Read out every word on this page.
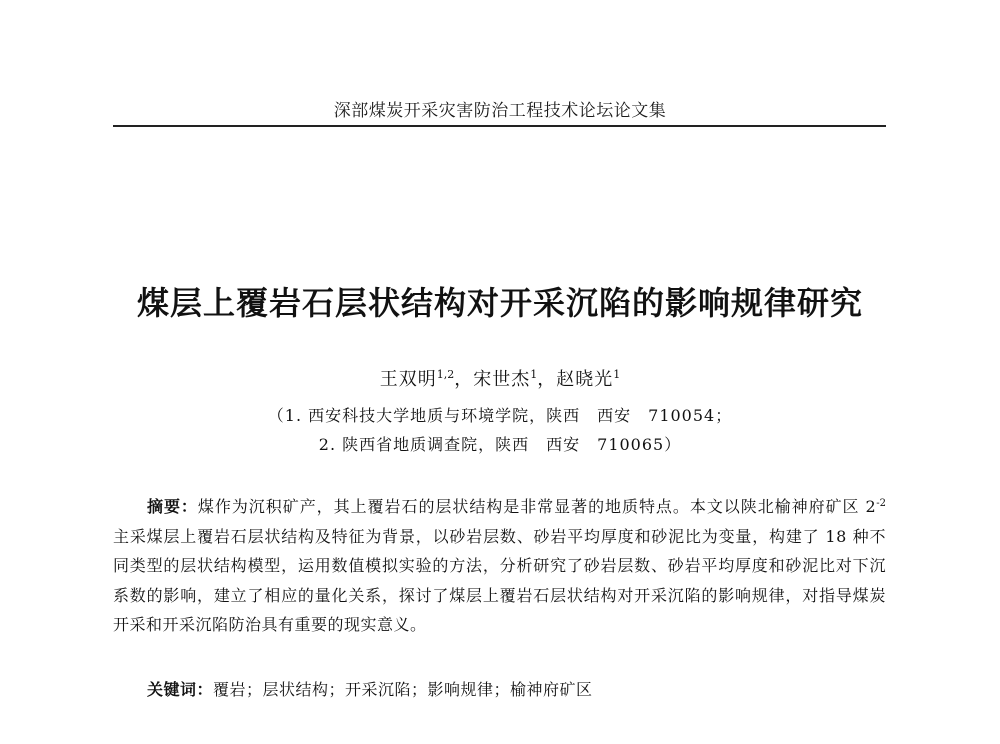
深部煤炭开采灾害防治工程技术论坛论文集
煤层上覆岩石层状结构对开采沉陷的影响规律研究
王双明$^{1,2}$，宋世杰$^1$，赵晓光$^1$
（1. 西安科技大学地质与环境学院，陕西　西安　710054；
2. 陕西省地质调查院，陕西　西安　710065）
摘要：煤作为沉积矿产，其上覆岩石的层状结构是非常显著的地质特点。本文以陕北榆神府矿区 $2^{-2}$ 主采煤层上覆岩石层状结构及特征为背景，以砂岩层数、砂岩平均厚度和砂泥比为变量，构建了 18 种不同类型的层状结构模型，运用数值模拟实验的方法，分析研究了砂岩层数、砂岩平均厚度和砂泥比对下沉系数的影响，建立了相应的量化关系，探讨了煤层上覆岩石层状结构对开采沉陷的影响规律，对指导煤炭开采和开采沉陷防治具有重要的现实意义。
关键词：覆岩；层状结构；开采沉陷；影响规律；榆神府矿区
